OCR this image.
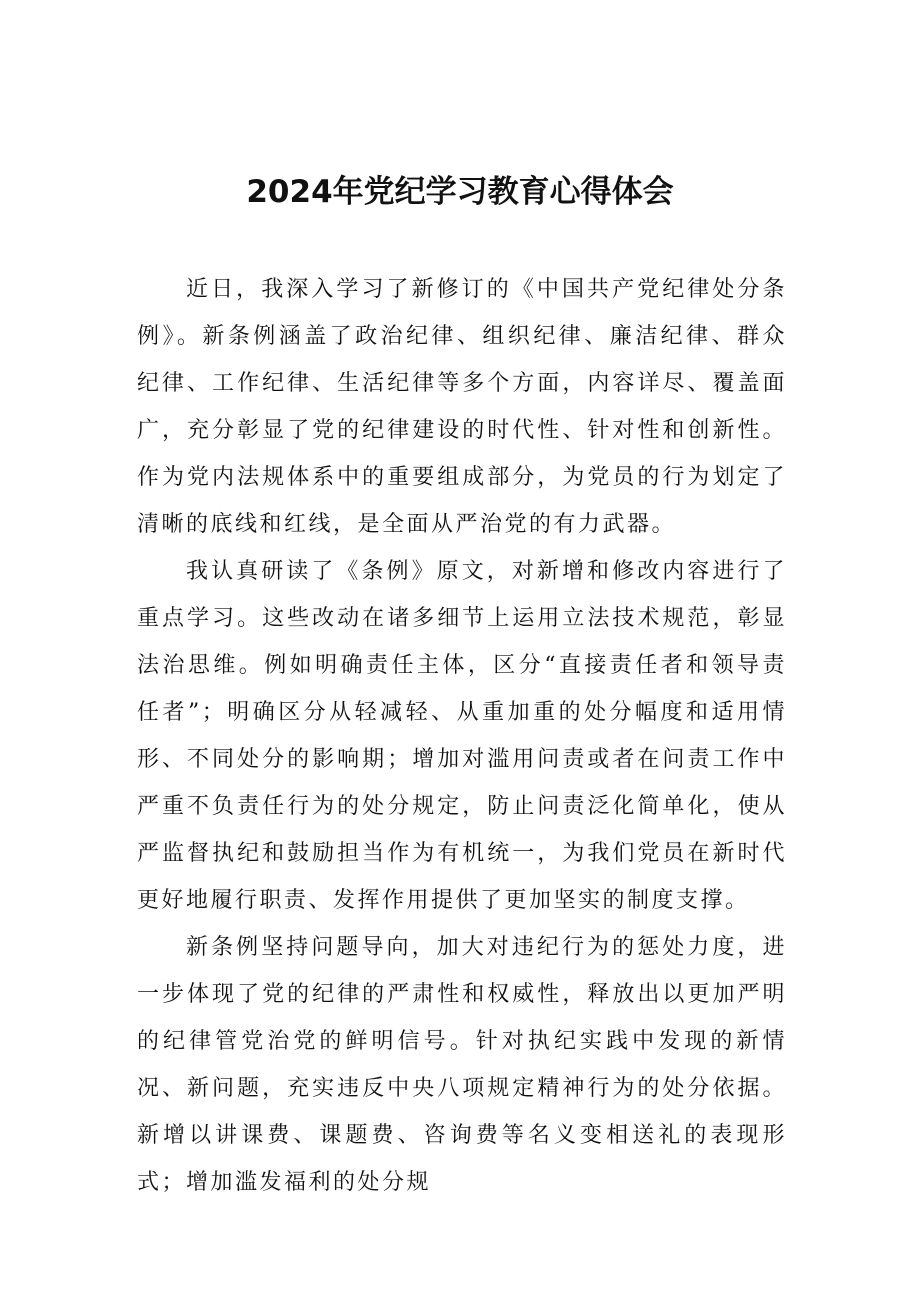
2024年党纪学习教育心得体会

近日，我深入学习了新修订的《中国共产党纪律处分条例》。新条例涵盖了政治纪律、组织纪律、廉洁纪律、群众纪律、工作纪律、生活纪律等多个方面，内容详尽、覆盖面广，充分彰显了党的纪律建设的时代性、针对性和创新性。作为党内法规体系中的重要组成部分，为党员的行为划定了清晰的底线和红线，是全面从严治党的有力武器。

我认真研读了《条例》原文，对新增和修改内容进行了重点学习。这些改动在诸多细节上运用立法技术规范，彰显法治思维。例如明确责任主体，区分“直接责任者和领导责任者”；明确区分从轻减轻、从重加重的处分幅度和适用情形、不同处分的影响期；增加对滥用问责或者在问责工作中严重不负责任行为的处分规定，防止问责泛化简单化，使从严监督执纪和鼓励担当作为有机统一，为我们党员在新时代更好地履行职责、发挥作用提供了更加坚实的制度支撑。

新条例坚持问题导向，加大对违纪行为的惩处力度，进一步体现了党的纪律的严肃性和权威性，释放出以更加严明的纪律管党治党的鲜明信号。针对执纪实践中发现的新情况、新问题，充实违反中央八项规定精神行为的处分依据。新增以讲课费、课题费、咨询费等名义变相送礼的表现形式；增加滥发福利的处分规
